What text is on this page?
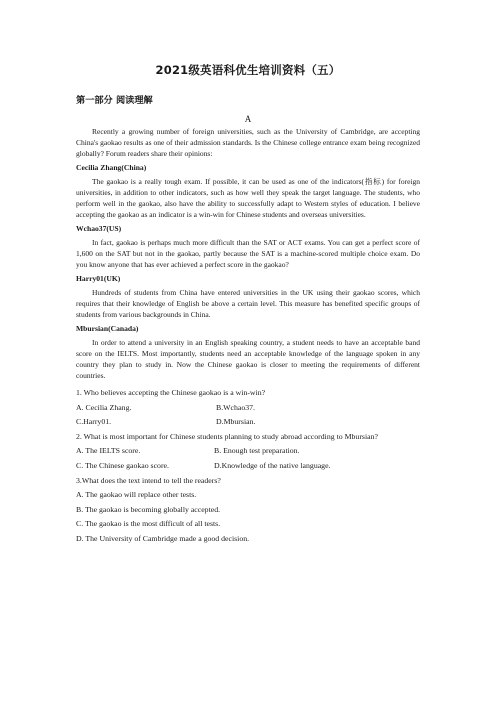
2021级英语科优生培训资料（五）
第一部分 阅读理解
A

Recently a growing number of foreign universities, such as the University of Cambridge, are accepting China's gaokao results as one of their admission standards. Is the Chinese college entrance exam being recognized globally? Forum readers share their opinions:

Cecilia Zhang(China)

The gaokao is a really tough exam. If possible, it can be used as one of the indicators(指标) for foreign universities, in addition to other indicators, such as how well they speak the target language. The students, who perform well in the gaokao, also have the ability to successfully adapt to Western styles of education. I believe accepting the gaokao as an indicator is a win-win for Chinese students and overseas universities.

Wchao37(US)

In fact, gaokao is perhaps much more difficult than the SAT or ACT exams. You can get a perfect score of 1,600 on the SAT but not in the gaokao, partly because the SAT is a machine-scored multiple choice exam. Do you know anyone that has ever achieved a perfect score in the gaokao?

Harry01(UK)

Hundreds of students from China have entered universities in the UK using their gaokao scores, which requires that their knowledge of English be above a certain level. This measure has benefited specific groups of students from various backgrounds in China.

Mbursian(Canada)

In order to attend a university in an English speaking country, a student needs to have an acceptable band score on the IELTS. Most importantly, students need an acceptable knowledge of the language spoken in any country they plan to study in. Now the Chinese gaokao is closer to meeting the requirements of different countries.

1. Who believes accepting the Chinese gaokao is a win-win?

A. Cecilia Zhang.	B.Wchao37.
C.Harry01.	D.Mbursian.

2. What is most important for Chinese students planning to study abroad according to Mbursian?

A. The IELTS score.	B. Enough test preparation.
C. The Chinese gaokao score.	D.Knowledge of the native language.

3.What does the text intend to tell the readers?

A. The gaokao will replace other tests.

B. The gaokao is becoming globally accepted.

C. The gaokao is the most difficult of all tests.

D. The University of Cambridge made a good decision.
